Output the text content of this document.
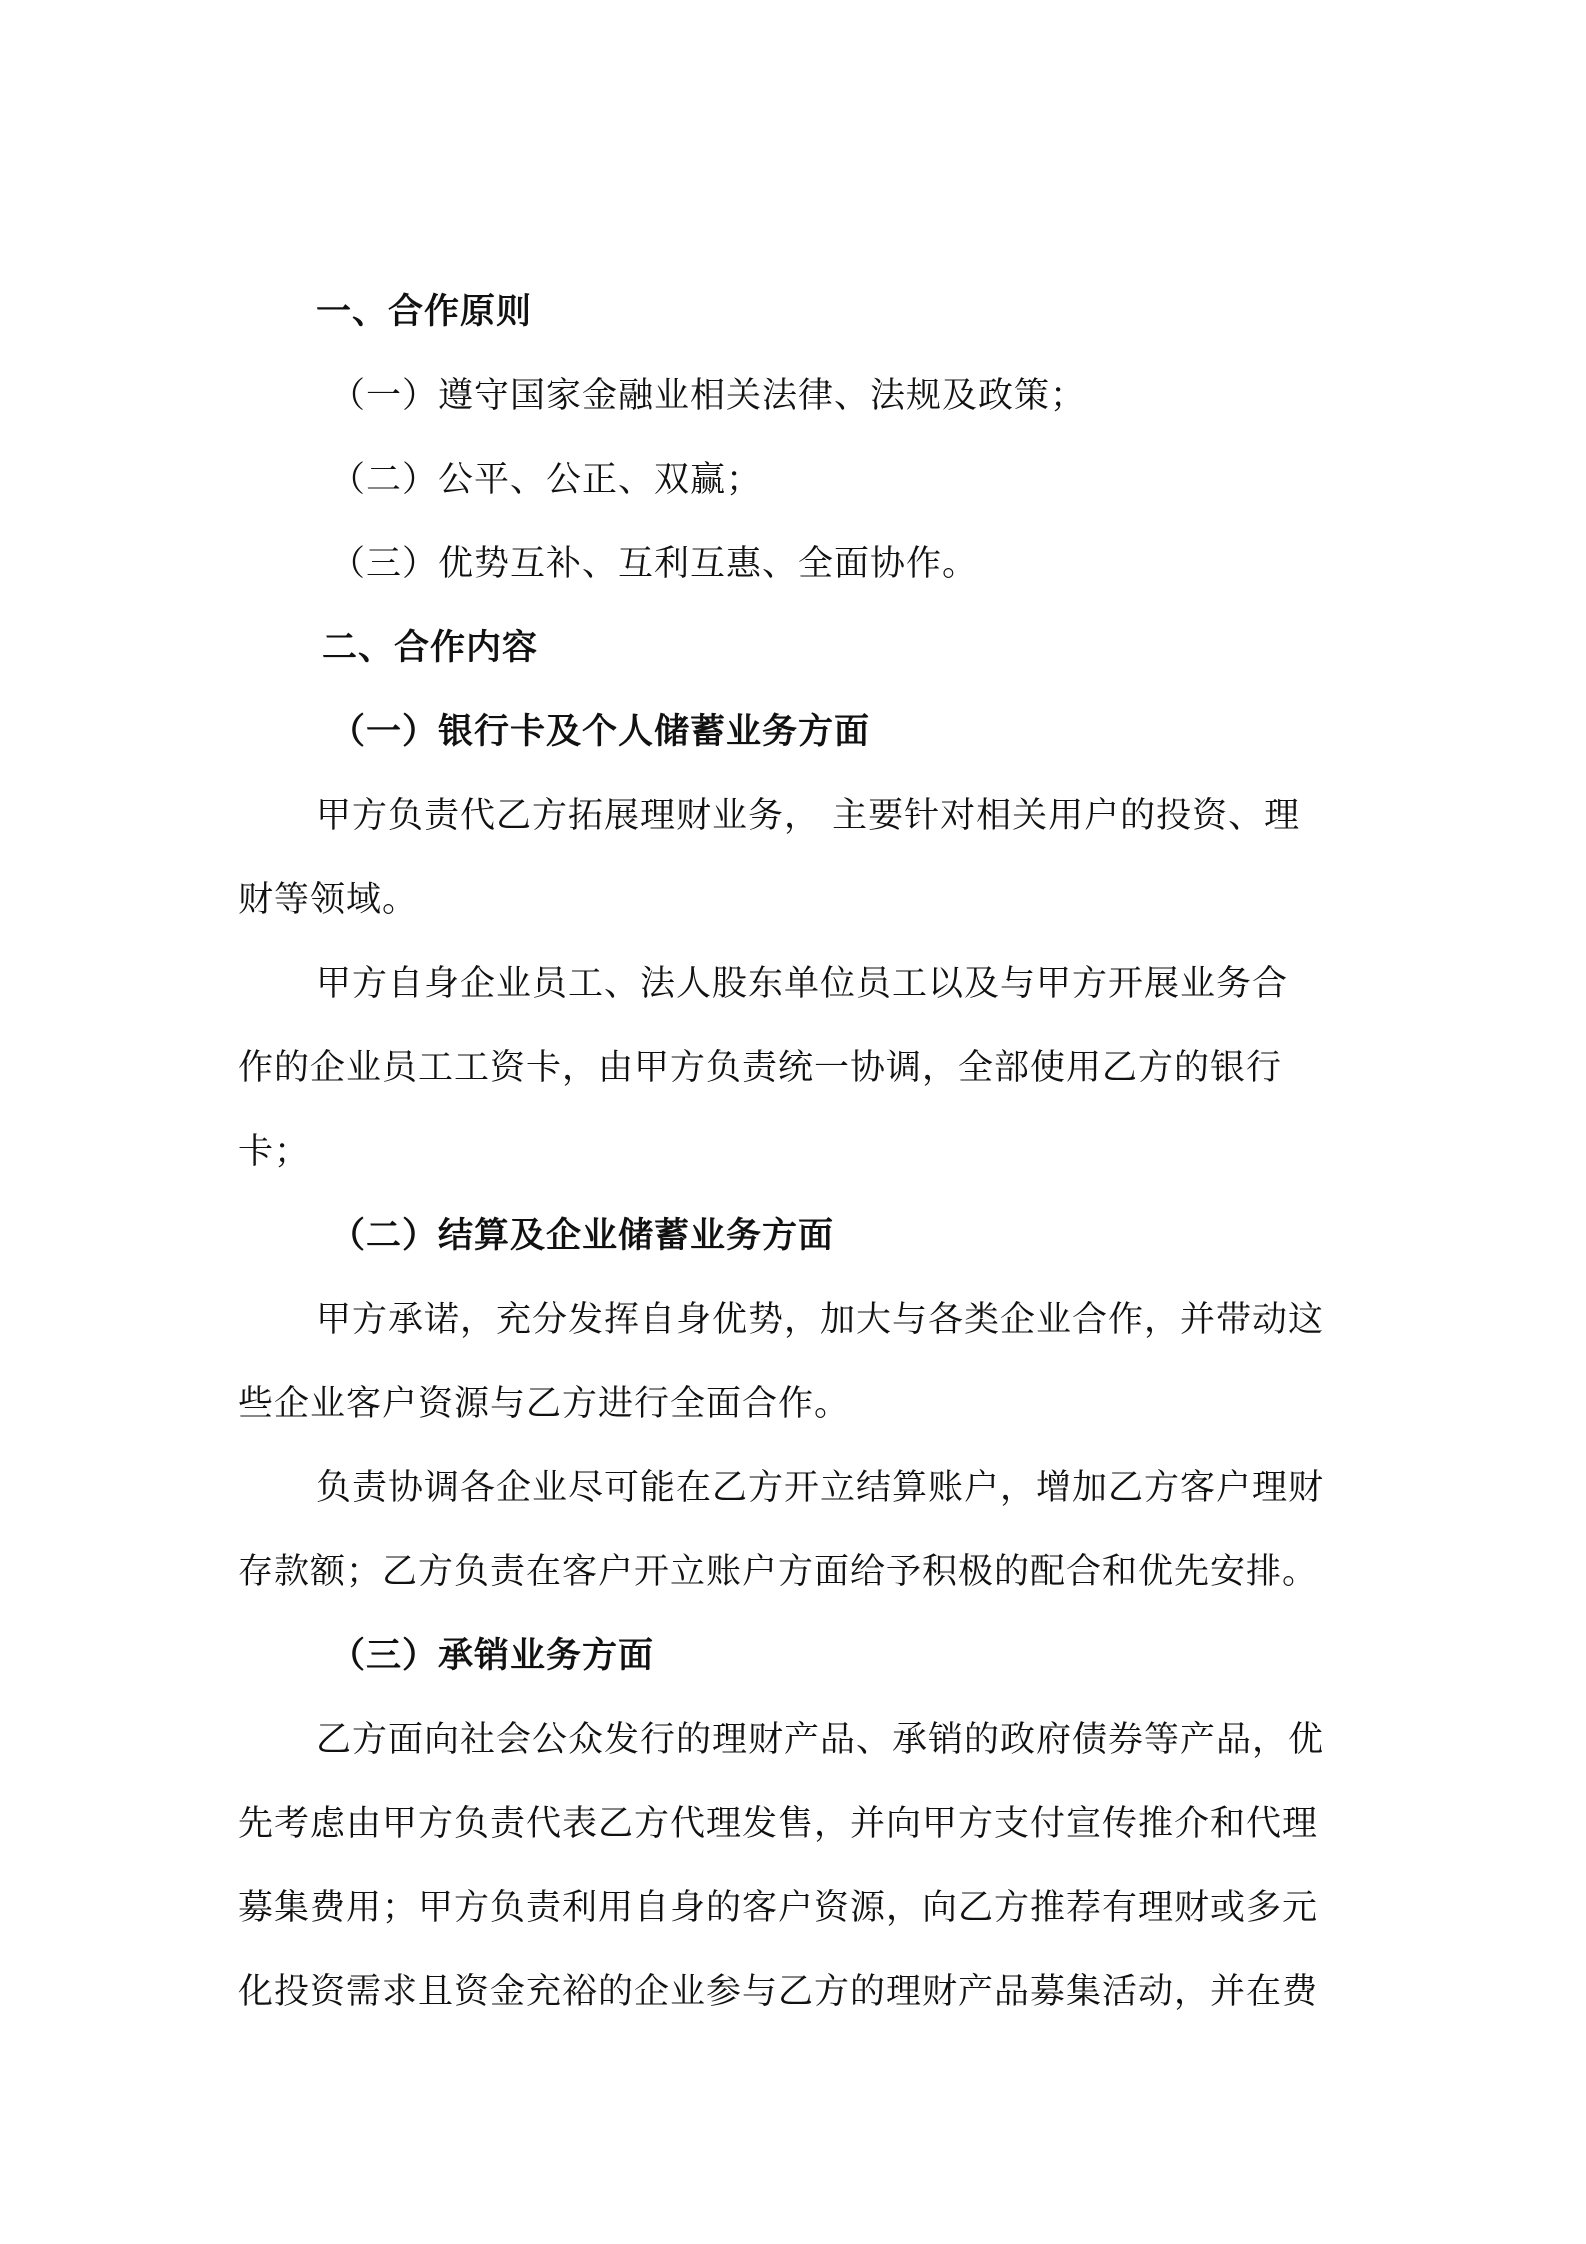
一、合作原则
（一）遵守国家金融业相关法律、法规及政策；
（二）公平、公正、双赢；
（三）优势互补、互利互惠、全面协作。
二、合作内容
（一）银行卡及个人储蓄业务方面
甲方负责代乙方拓展理财业务， 主要针对相关用户的投资、理
财等领域。
甲方自身企业员工、法人股东单位员工以及与甲方开展业务合
作的企业员工工资卡，由甲方负责统一协调，全部使用乙方的银行
卡；
（二）结算及企业储蓄业务方面
甲方承诺，充分发挥自身优势，加大与各类企业合作，并带动这
些企业客户资源与乙方进行全面合作。
负责协调各企业尽可能在乙方开立结算账户，增加乙方客户理财
存款额；乙方负责在客户开立账户方面给予积极的配合和优先安排。
（三）承销业务方面
乙方面向社会公众发行的理财产品、承销的政府债券等产品，优
先考虑由甲方负责代表乙方代理发售，并向甲方支付宣传推介和代理
募集费用；甲方负责利用自身的客户资源，向乙方推荐有理财或多元
化投资需求且资金充裕的企业参与乙方的理财产品募集活动，并在费
